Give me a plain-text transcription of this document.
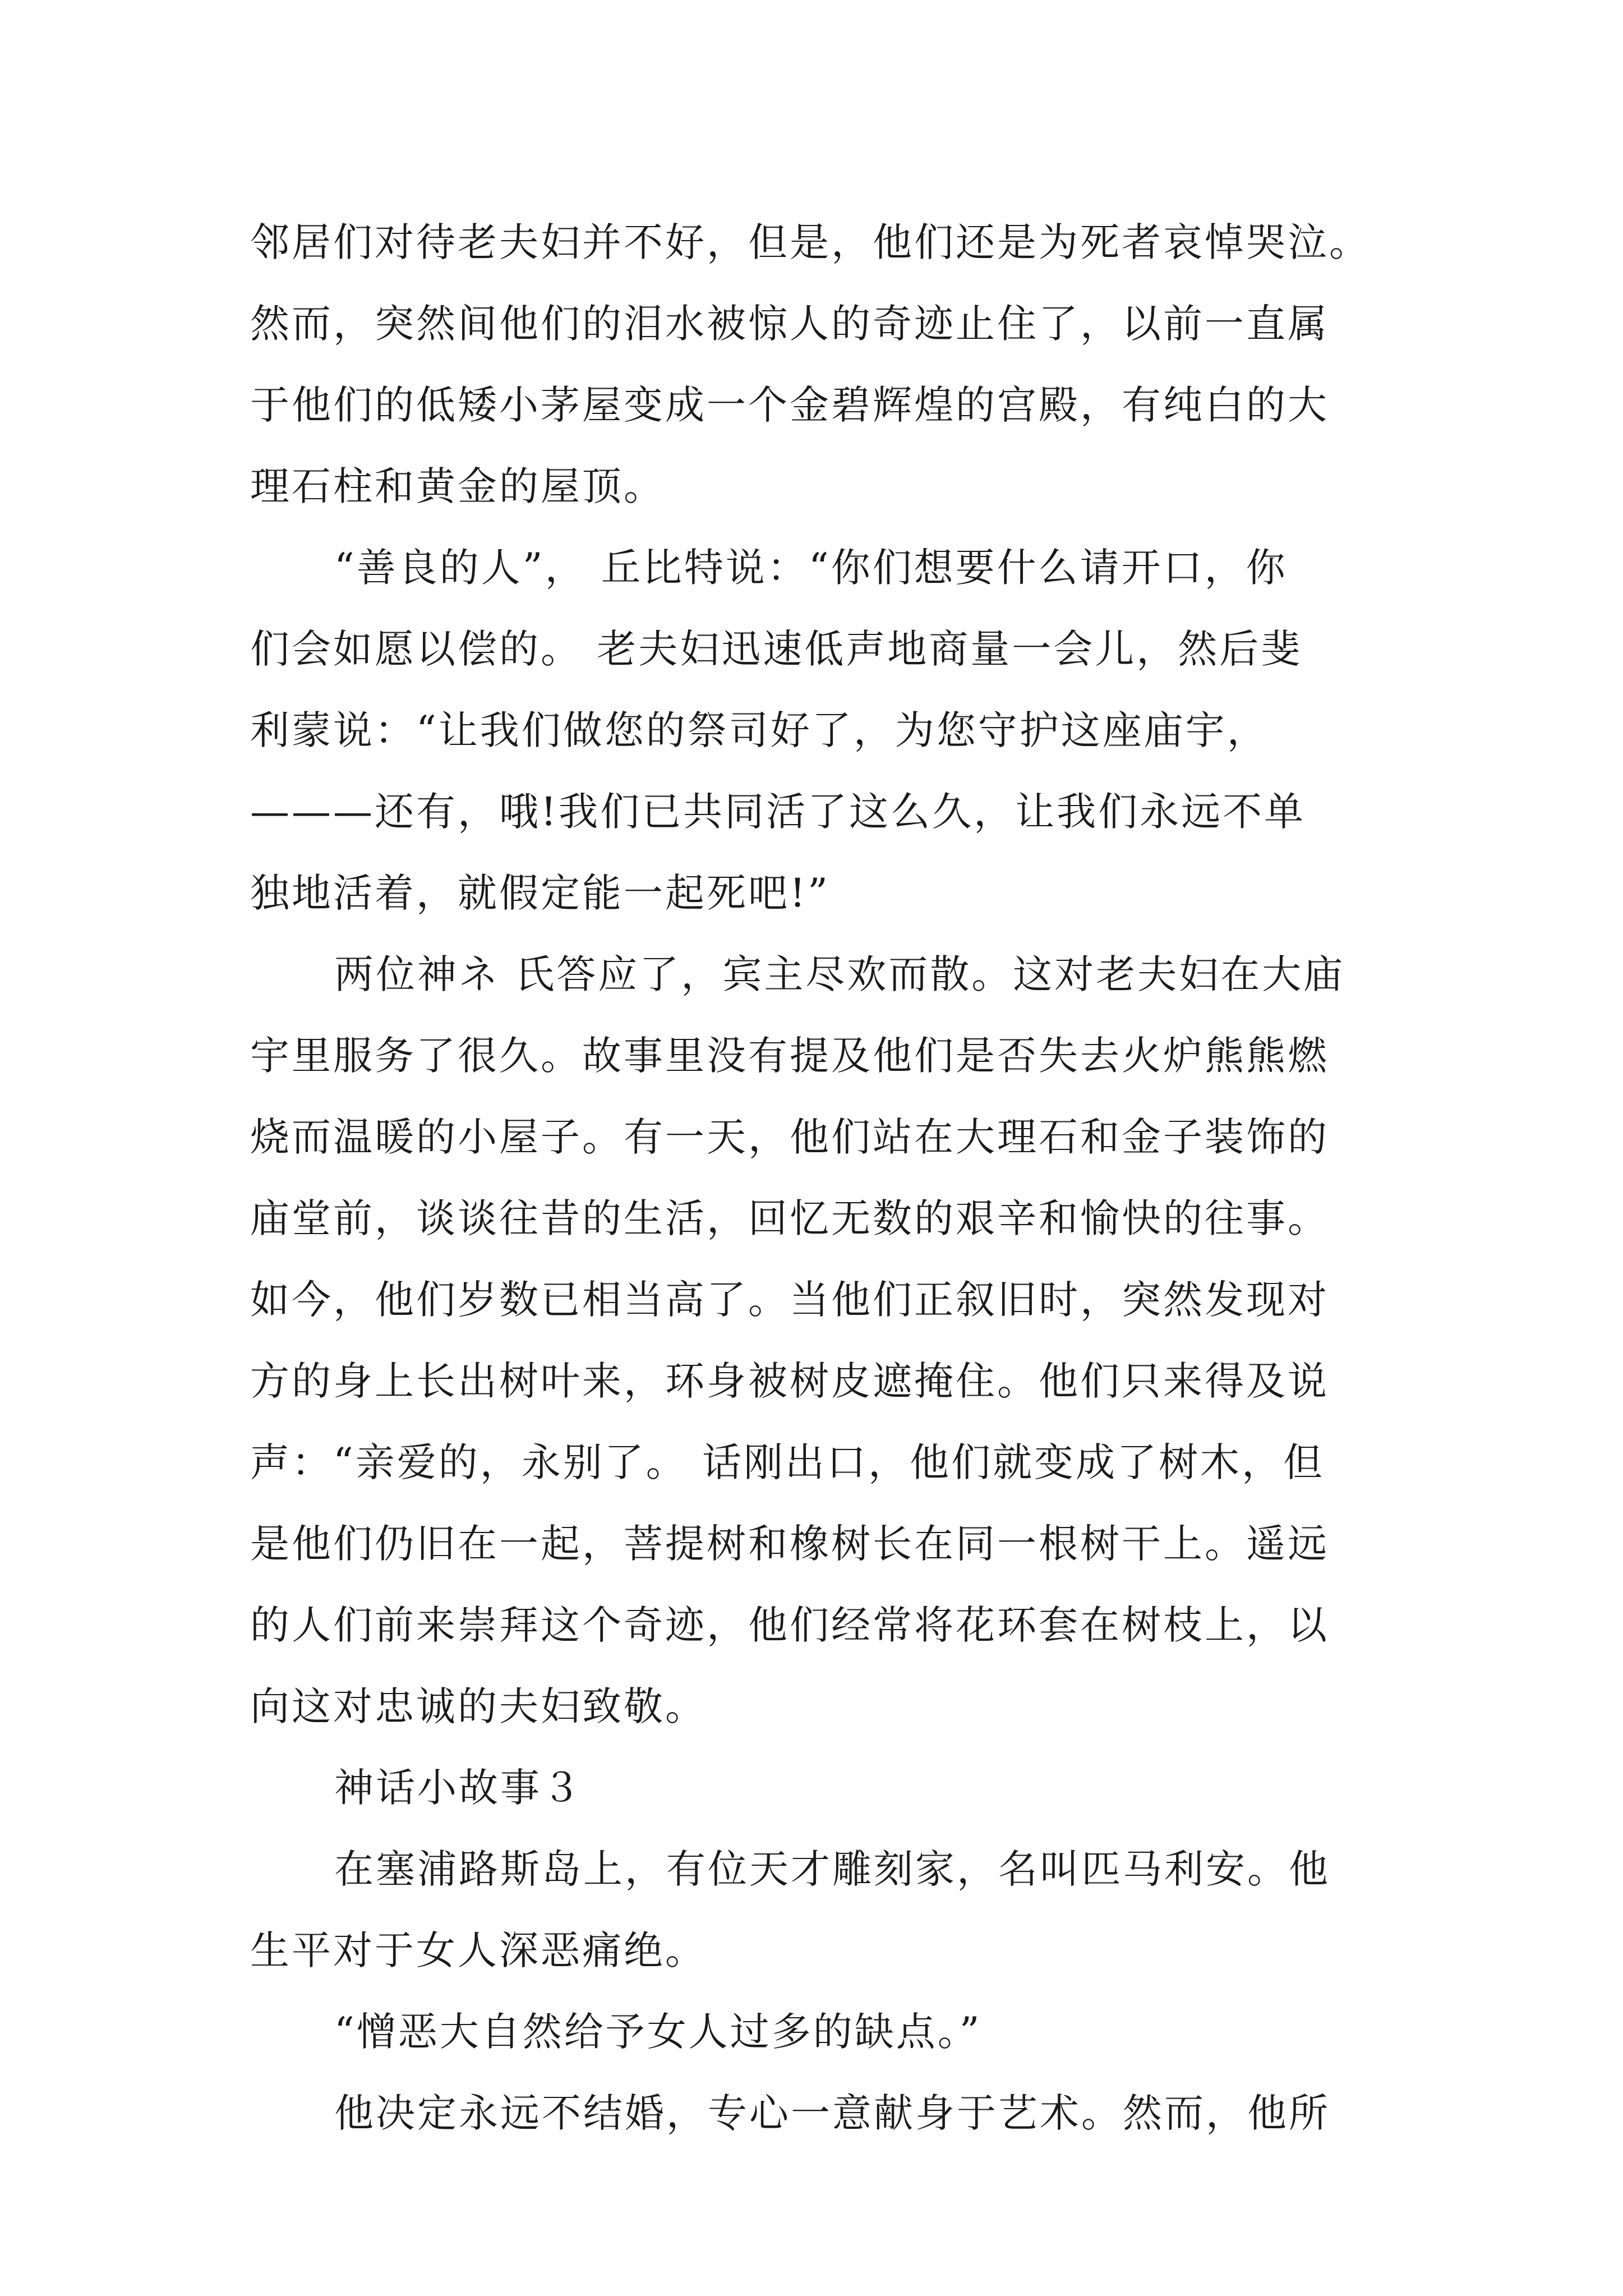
邻居们对待老夫妇并不好，但是，他们还是为死者哀悼哭泣。
然而，突然间他们的泪水被惊人的奇迹止住了，以前一直属
于他们的低矮小茅屋变成一个金碧辉煌的宫殿，有纯白的大
理石柱和黄金的屋顶。
“善良的人”， 丘比特说：“你们想要什么请开口，你
们会如愿以偿的。 老夫妇迅速低声地商量一会儿，然后斐
利蒙说：“让我们做您的祭司好了，为您守护这座庙宇，
———还有，哦!我们已共同活了这么久，让我们永远不单
独地活着，就假定能一起死吧!”
两位神ネ 氏答应了，宾主尽欢而散。这对老夫妇在大庙
宇里服务了很久。故事里没有提及他们是否失去火炉熊熊燃
烧而温暖的小屋子。有一天，他们站在大理石和金子装饰的
庙堂前，谈谈往昔的生活，回忆无数的艰辛和愉快的往事。
如今，他们岁数已相当高了。当他们正叙旧时，突然发现对
方的身上长出树叶来，环身被树皮遮掩住。他们只来得及说
声：“亲爱的，永别了。 话刚出口，他们就变成了树木，但
是他们仍旧在一起，菩提树和橡树长在同一根树干上。遥远
的人们前来崇拜这个奇迹，他们经常将花环套在树枝上，以
向这对忠诚的夫妇致敬。
神话小故事３
在塞浦路斯岛上，有位天才雕刻家，名叫匹马利安。他
生平对于女人深恶痛绝。
“憎恶大自然给予女人过多的缺点。”
他决定永远不结婚，专心一意献身于艺术。然而，他所
